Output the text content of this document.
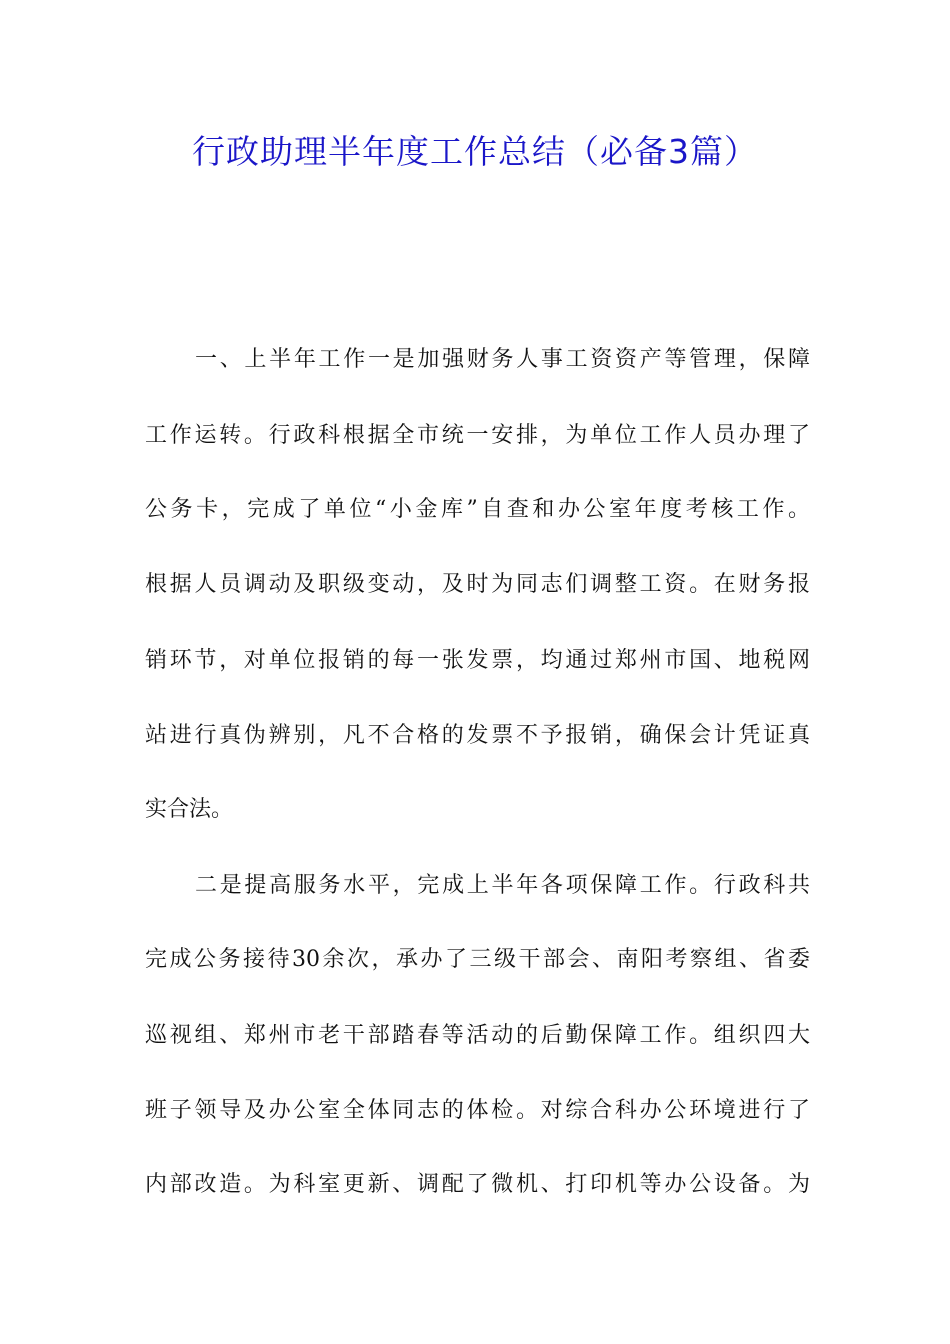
行政助理半年度工作总结（必备3篇）
一、上半年工作一是加强财务人事工资资产等管理，保障
工作运转。行政科根据全市统一安排，为单位工作人员办理了
公务卡，完成了单位“小金库”自查和办公室年度考核工作。
根据人员调动及职级变动，及时为同志们调整工资。在财务报
销环节，对单位报销的每一张发票，均通过郑州市国、地税网
站进行真伪辨别，凡不合格的发票不予报销，确保会计凭证真
实合法。
二是提高服务水平，完成上半年各项保障工作。行政科共
完成公务接待30余次，承办了三级干部会、南阳考察组、省委
巡视组、郑州市老干部踏春等活动的后勤保障工作。组织四大
班子领导及办公室全体同志的体检。对综合科办公环境进行了
内部改造。为科室更新、调配了微机、打印机等办公设备。为
